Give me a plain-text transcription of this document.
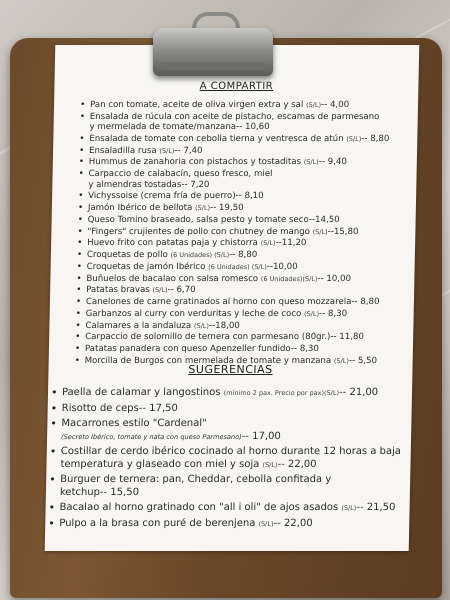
A COMPARTIR

• Pan con tomate, aceite de oliva virgen extra y sal (S/L)-- 4,00
• Ensalada de rúcula con aceite de pistacho, escamas de parmesano
y mermelada de tomate/manzana-- 10,60
• Ensalada de tomate con cebolla tierna y ventresca de atún (S/L)-- 8,80
• Ensaladilla rusa (S/L)-- 7,40
• Hummus de zanahoria con pistachos y tostaditas (S/L)-- 9,40
• Carpaccio de calabacín, queso fresco, miel
y almendras tostadas-- 7,20
• Vichyssoise (crema fría de puerro)-- 8,10
• Jamón Ibérico de bellota (S/L)-- 19,50
• Queso Tomino braseado, salsa pesto y tomate seco--14,50
• "Fingers" crujientes de pollo con chutney de mango (S/L)--15,80
• Huevo frito con patatas paja y chistorra (S/L)--11,20
• Croquetas de pollo (6 Unidades) (S/L)-- 8,80
• Croquetas de jamón Ibérico (6 Unidades) (S/L)--10,00
• Buñuelos de bacalao con salsa romesco (6 Unidades)(S/L)-- 10,00
• Patatas bravas (S/L)-- 6,70
• Canelones de carne gratinados al horno con queso mozzarela-- 8,80
• Garbanzos al curry con verduritas y leche de coco (S/L)-- 8,30
• Calamares a la andaluza (S/L)--18,00
• Carpaccio de solomillo de ternera con parmesano (80gr.)-- 11,80
• Patatas panadera con queso Apenzeller fundido-- 8,30
• Morcilla de Burgos con mermelada de tomate y manzana (S/L)-- 5,50

SUGERENCIAS

• Paella de calamar y langostinos (mínimo 2 pax. Precio por pax)(S/L)-- 21,00
• Risotto de ceps-- 17,50
• Macarrones estilo "Cardenal"
(Secreto Ibérico, tomate y nata con queso Parmesano)-- 17,00
• Costillar de cerdo ibérico cocinado al horno durante 12 horas a baja
temperatura y glaseado con miel y soja (S/L)-- 22,00
• Burguer de ternera: pan, Cheddar, cebolla confitada y ketchup-- 15,50
• Bacalao al horno gratinado con "all i oli" de ajos asados (S/L)-- 21,50
• Pulpo a la brasa con puré de berenjena (S/L)-- 22,00
